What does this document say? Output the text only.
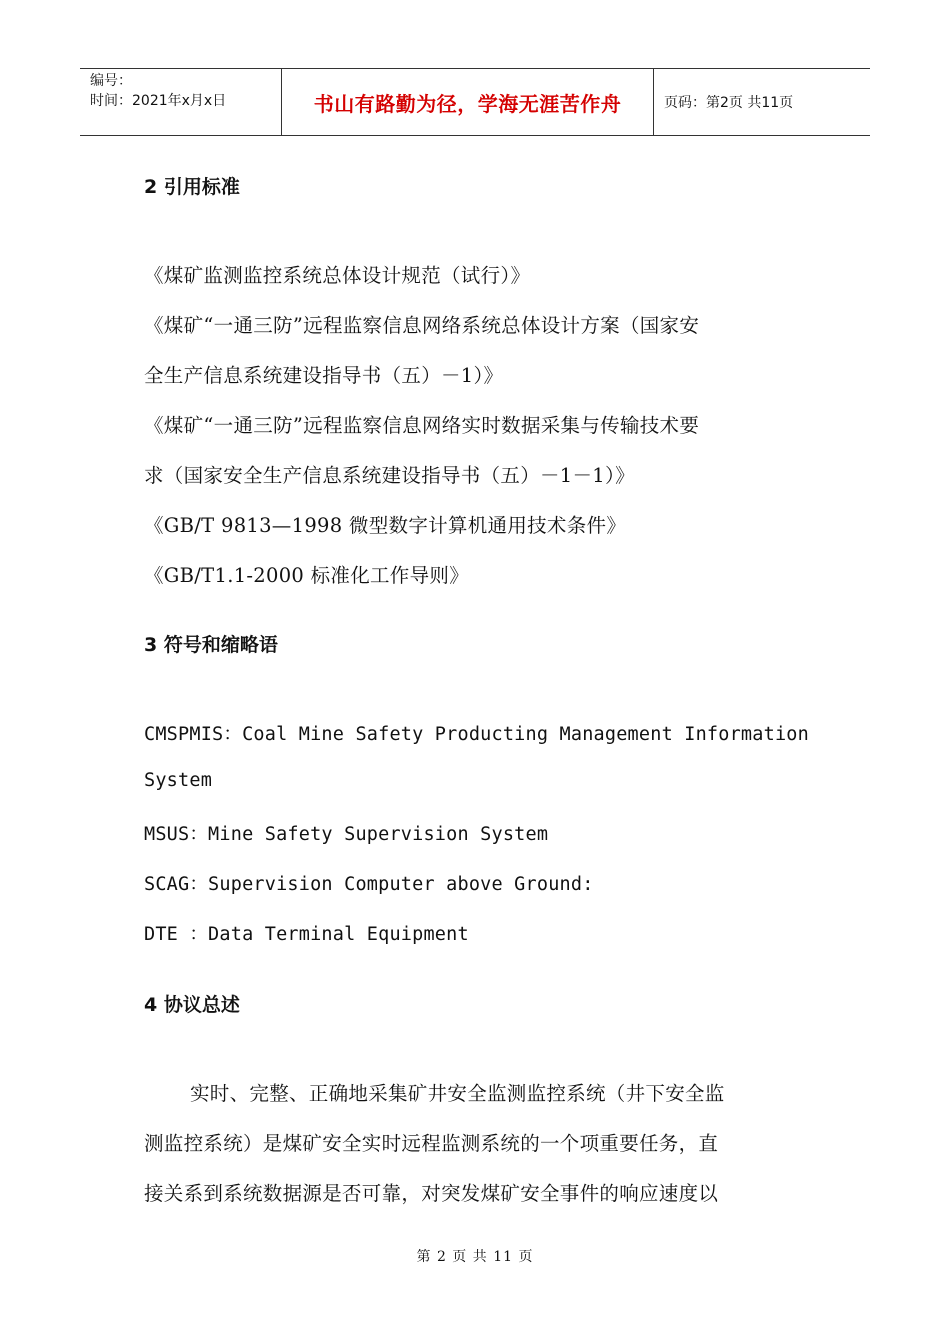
编号：
时间：2021年x月x日	书山有路勤为径，学海无涯苦作舟	页码：第2页 共11页
2 引用标准
《煤矿监测监控系统总体设计规范（试行）》
《煤矿“一通三防”远程监察信息网络系统总体设计方案（国家安
全生产信息系统建设指导书（五）－1）》
《煤矿“一通三防”远程监察信息网络实时数据采集与传输技术要
求（国家安全生产信息系统建设指导书（五）－1－1）》
《GB/T 9813—1998 微型数字计算机通用技术条件》
《GB/T1.1-2000 标准化工作导则》
3 符号和缩略语
CMSPMIS：Coal Mine Safety Producting Management Information
System
MSUS：Mine Safety Supervision System
SCAG：Supervision Computer above Ground:
DTE ：Data Terminal Equipment
4 协议总述
实时、完整、正确地采集矿井安全监测监控系统（井下安全监
测监控系统）是煤矿安全实时远程监测系统的一个项重要任务，直
接关系到系统数据源是否可靠，对突发煤矿安全事件的响应速度以
第 2 页 共 11 页
